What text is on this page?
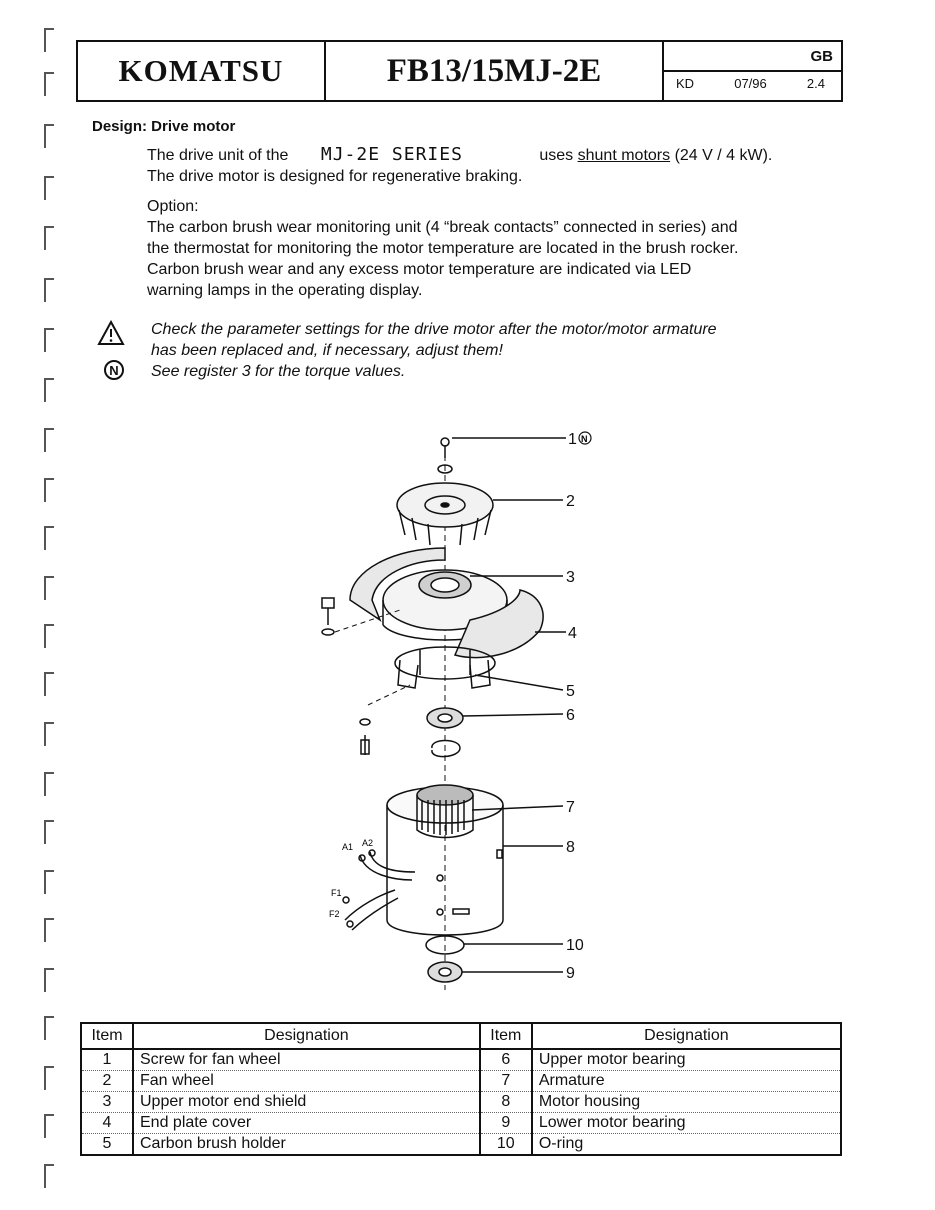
KOMATSU	FB13/15MJ-2E	GB
KD	07/96	2.4
Design: Drive motor
The drive unit of the MJ-2E SERIES	uses shunt motors (24 V / 4 kW).
The drive motor is designed for regenerative braking.
Option:
The carbon brush wear monitoring unit (4 “break contacts” connected in series) and
the thermostat for monitoring the motor temperature are located in the brush rocker.
Carbon brush wear and any excess motor temperature are indicated via LED
warning lamps in the operating display.
Check the parameter settings for the drive motor after the motor/motor armature
has been replaced and, if necessary, adjust them!
N	See register 3 for the torque values.
1 N
2
3
4
5
6
7
8
10
9
A1 A2
F1
F2
Item	Designation	Item	Designation
1	Screw for fan wheel	6	Upper motor bearing
2	Fan wheel	7	Armature
3	Upper motor end shield	8	Motor housing
4	End plate cover	9	Lower motor bearing
5	Carbon brush holder	10	O-ring
